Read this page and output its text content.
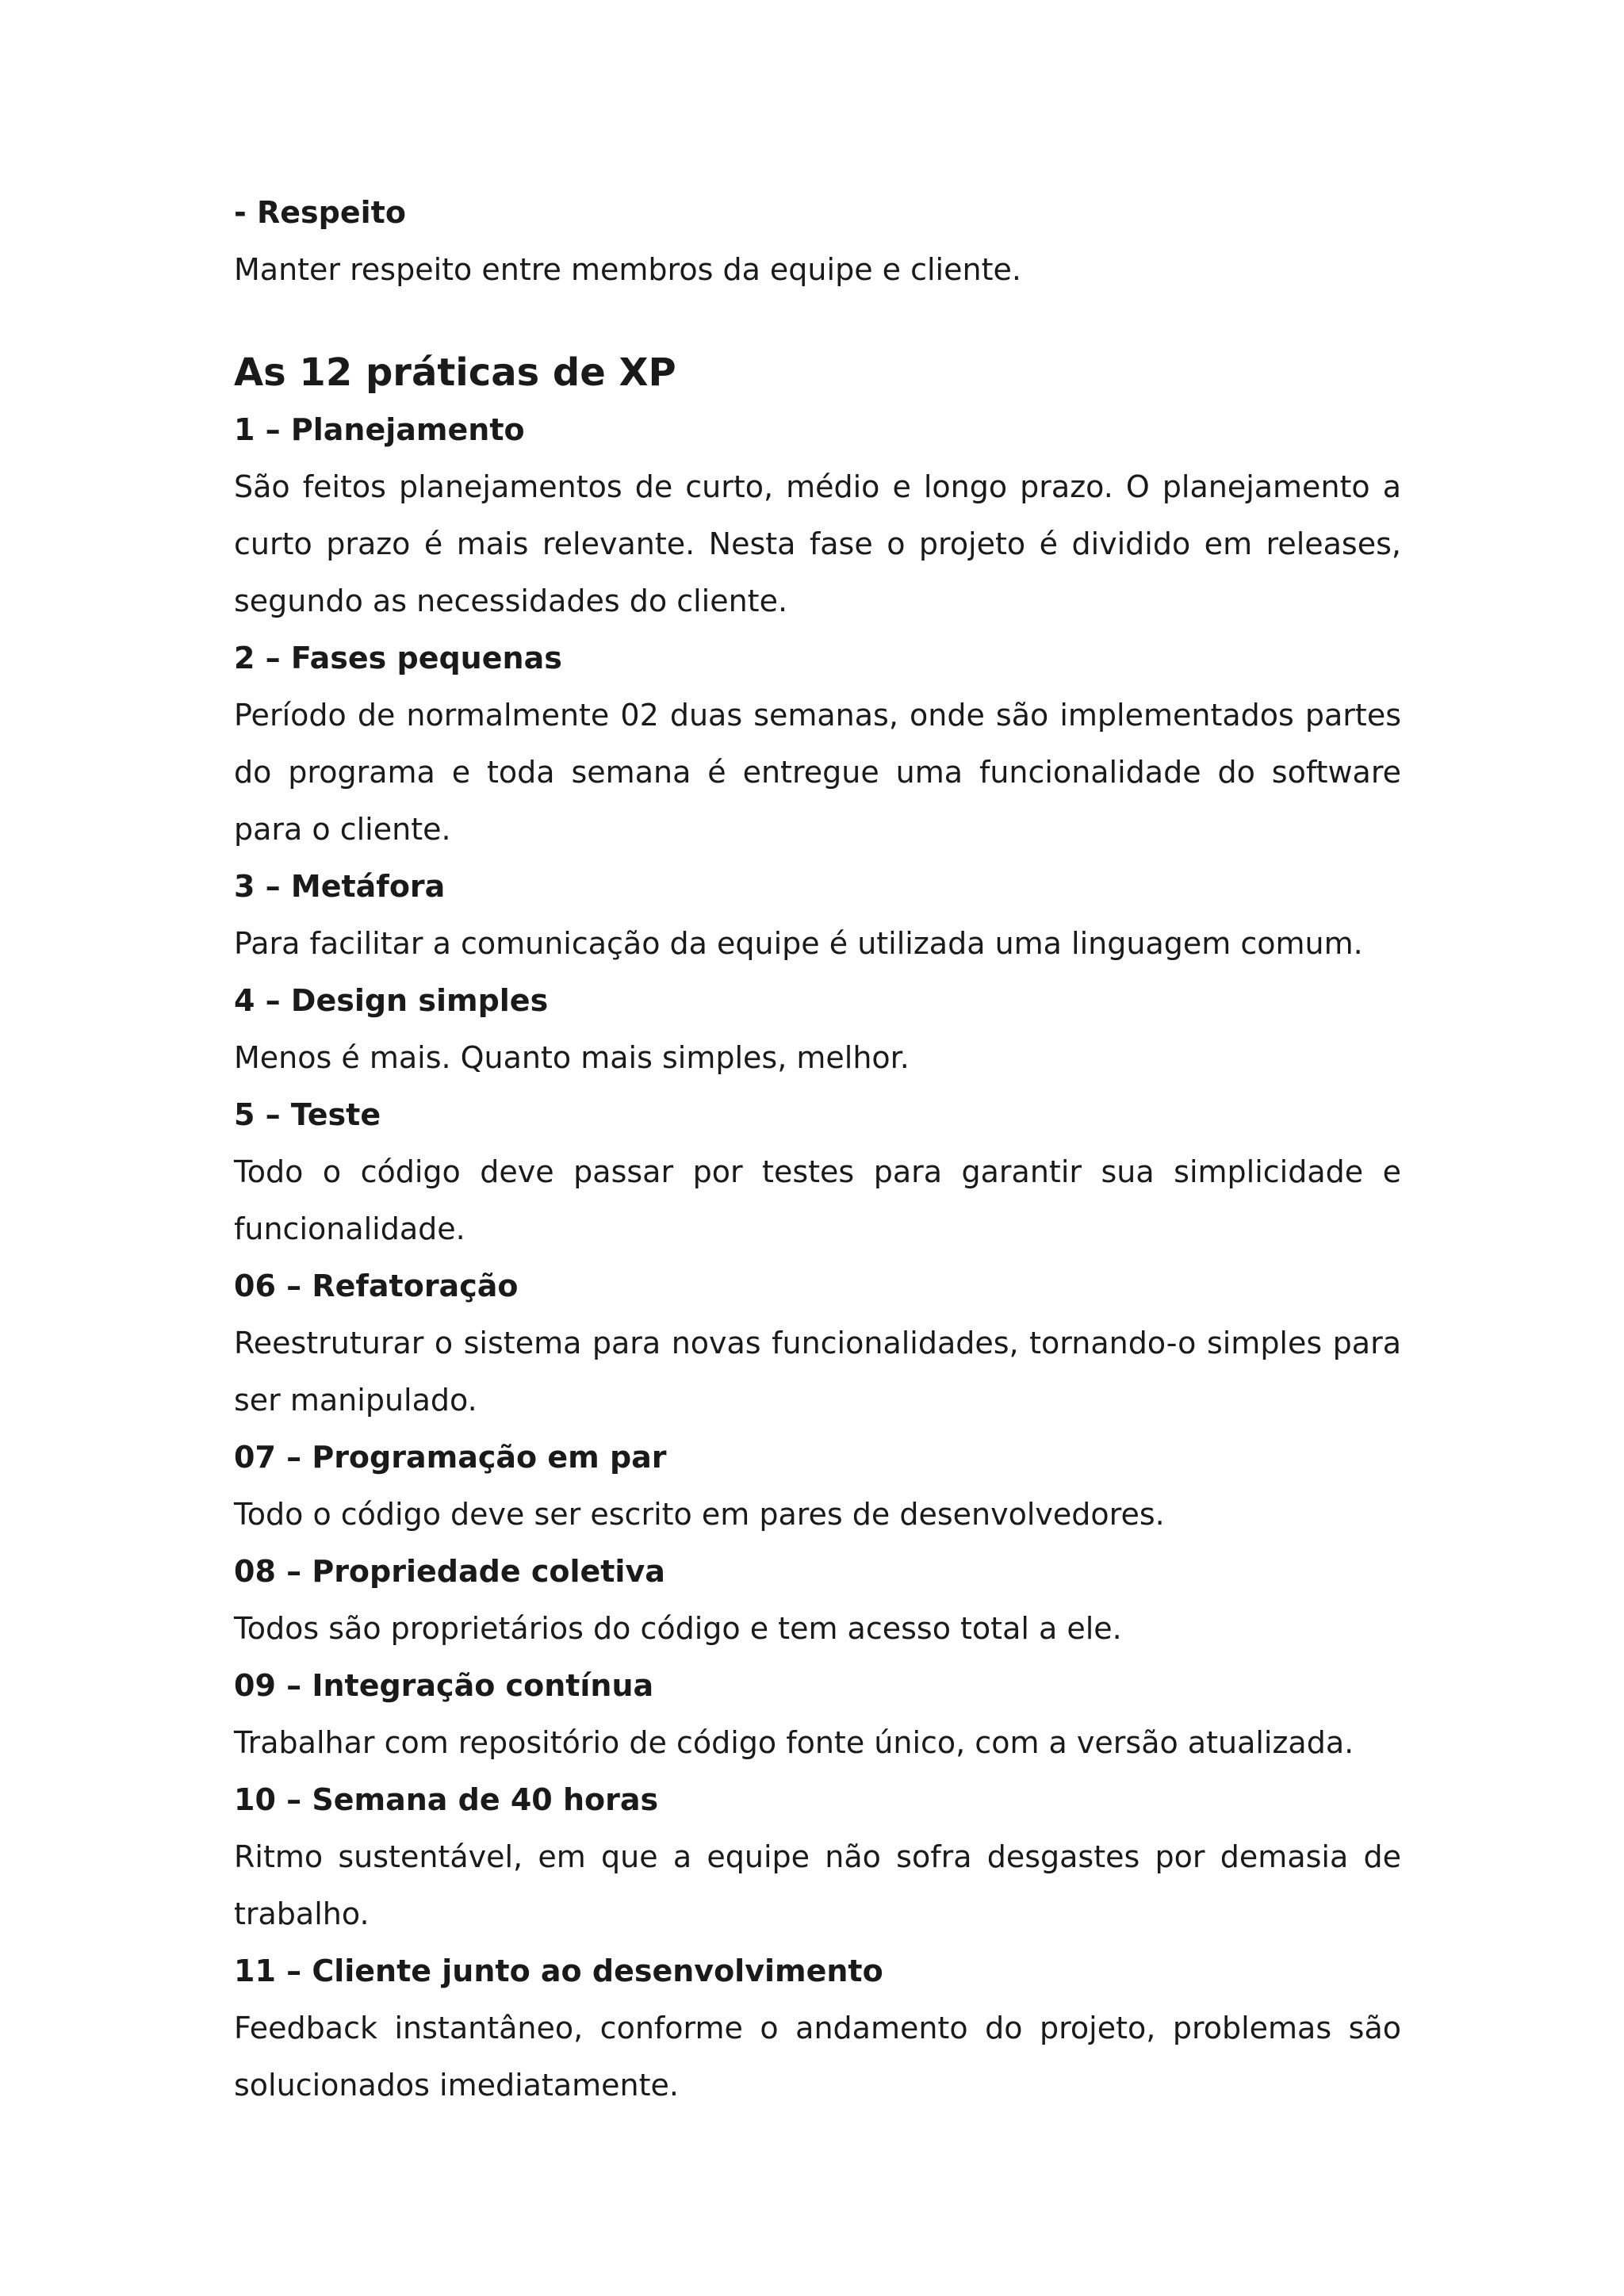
- Respeito

Manter respeito entre membros da equipe e cliente.

As 12 práticas de XP

1 – Planejamento

São feitos planejamentos de curto, médio e longo prazo. O planejamento a curto prazo é mais relevante. Nesta fase o projeto é dividido em releases, segundo as necessidades do cliente.

2 – Fases pequenas

Período de normalmente 02 duas semanas, onde são implementados partes do programa e toda semana é entregue uma funcionalidade do software para o cliente.

3 – Metáfora

Para facilitar a comunicação da equipe é utilizada uma linguagem comum.

4 – Design simples

Menos é mais. Quanto mais simples, melhor.

5 – Teste

Todo o código deve passar por testes para garantir sua simplicidade e funcionalidade.

06 – Refatoração

Reestruturar o sistema para novas funcionalidades, tornando-o simples para ser manipulado.

07 – Programação em par

Todo o código deve ser escrito em pares de desenvolvedores.

08 – Propriedade coletiva

Todos são proprietários do código e tem acesso total a ele.

09 – Integração contínua

Trabalhar com repositório de código fonte único, com a versão atualizada.

10 – Semana de 40 horas

Ritmo sustentável, em que a equipe não sofra desgastes por demasia de trabalho.

11 – Cliente junto ao desenvolvimento

Feedback instantâneo, conforme o andamento do projeto, problemas são solucionados imediatamente.
